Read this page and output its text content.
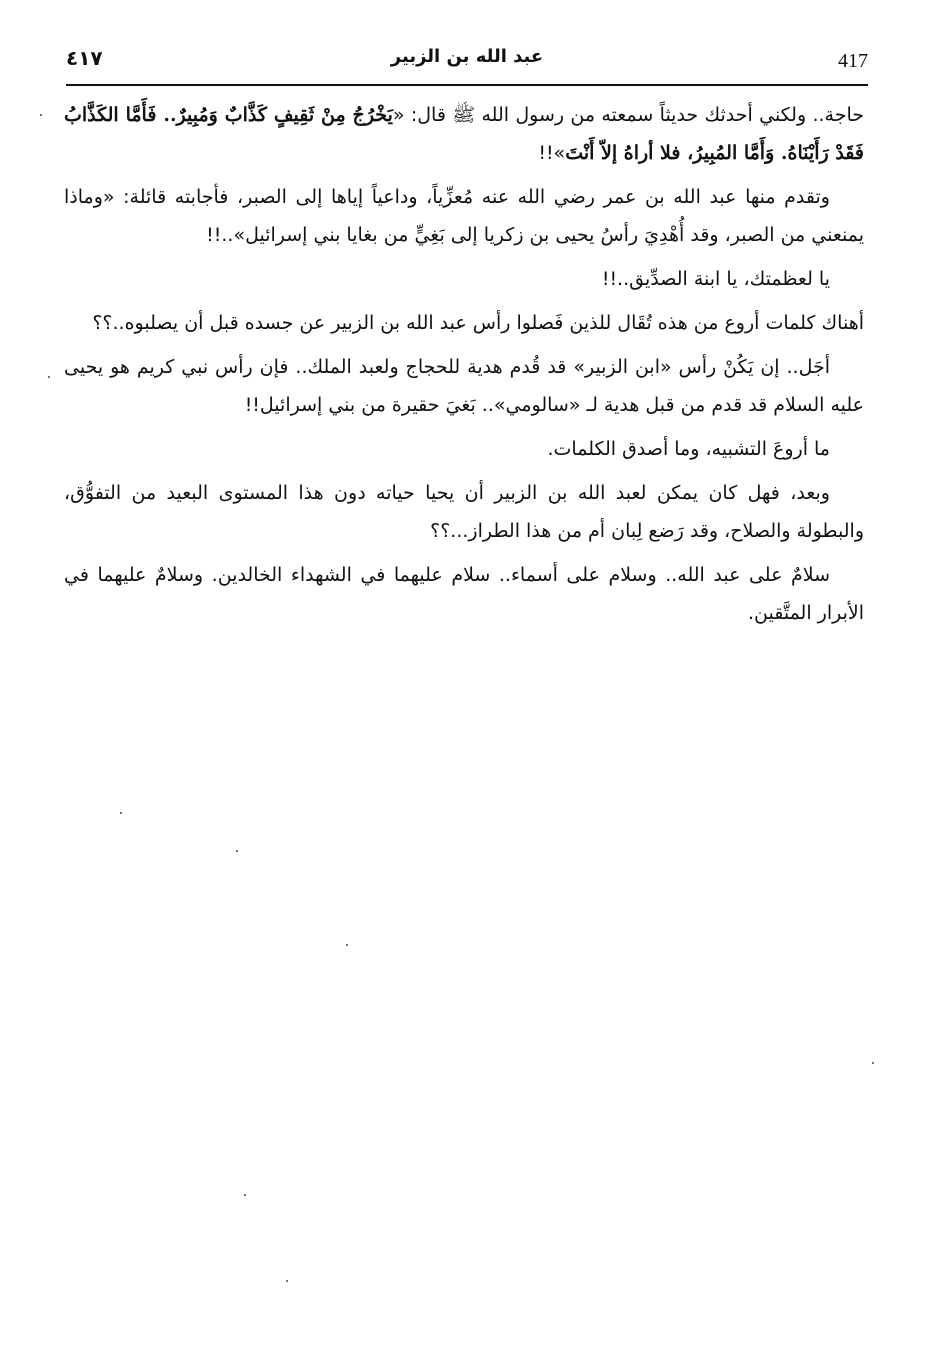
٤١٧	عبد الله بن الزبير	417

حاجة.. ولكني أحدثك حديثاً سمعته من رسول الله ﷺ قال: «يَخْرُجُ مِنْ ثَقِيفٍ كَذَّابٌ وَمُبِيرٌ.. فَأَمَّا الكَذَّابُ فَقَدْ رَأَيْنَاهُ. وَأَمَّا المُبِيرُ، فلا أراهُ إلاّ أَنْتَ»!!

وتقدم منها عبد الله بن عمر رضي الله عنه مُعزِّياً، وداعياً إياها إلى الصبر، فأجابته قائلة: «وماذا يمنعني من الصبر، وقد أُهْدِيَ رأسُ يحيى بن زكريا إلى بَغِيٍّ من بغايا بني إسرائيل»..!!

يا لعظمتك، يا ابنة الصدِّيق..!!

أهناك كلمات أروع من هذه تُقَال للذين فَصلوا رأس عبد الله بن الزبير عن جسده قبل أن يصلبوه..؟؟

أجَل.. إن يَكُنْ رأس «ابن الزبير» قد قُدم هدية للحجاج ولعبد الملك.. فإن رأس نبي كريم هو يحيى عليه السلام قد قدم من قبل هدية لـ «سالومي».. بَغيَ حقيرة من بني إسرائيل!!

ما أروعَ التشبيه، وما أصدق الكلمات.

وبعد، فهل كان يمكن لعبد الله بن الزبير أن يحيا حياته دون هذا المستوى البعيد من التفوُّق، والبطولة والصلاح، وقد رَضع لِبان أم من هذا الطراز...؟؟

سلامٌ على عبد الله.. وسلام على أسماء.. سلام عليهما في الشهداء الخالدين. وسلامٌ عليهما في الأبرار المتَّقين.
